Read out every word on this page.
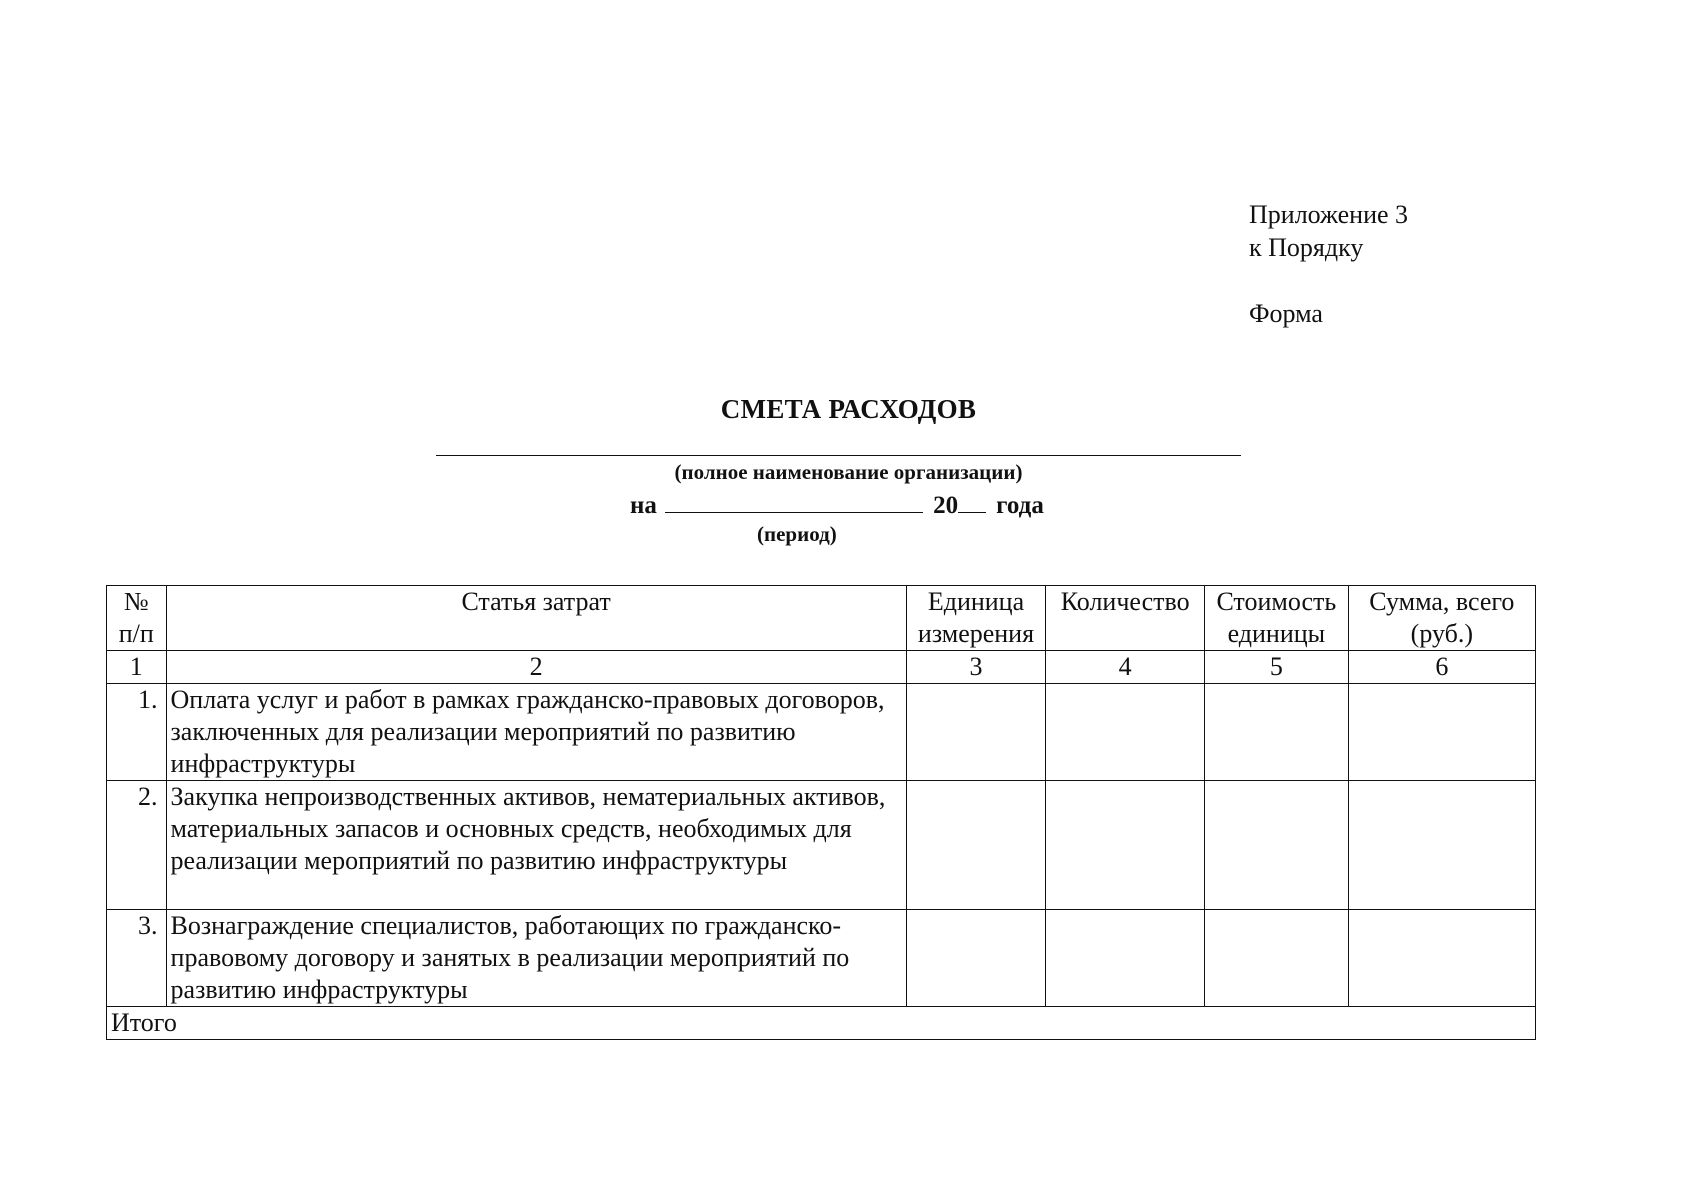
Приложение 3
к Порядку
Форма
СМЕТА РАСХОДОВ
(полное наименование организации)
на	20 года
(период)
№ п/п	Статья затрат	Единица измерения	Количество	Стоимость единицы	Сумма, всего (руб.)
1	2	3	4	5	6
1.	Оплата услуг и работ в рамках гражданско-правовых договоров, заключенных для реализации мероприятий по развитию инфраструктуры				
2.	Закупка непроизводственных активов, нематериальных активов, материальных запасов и основных средств, необходимых для реализации мероприятий по развитию инфраструктуры				
3.	Вознаграждение специалистов, работающих по гражданско-правовому договору и занятых в реализации мероприятий по развитию инфраструктуры				
Итого					
